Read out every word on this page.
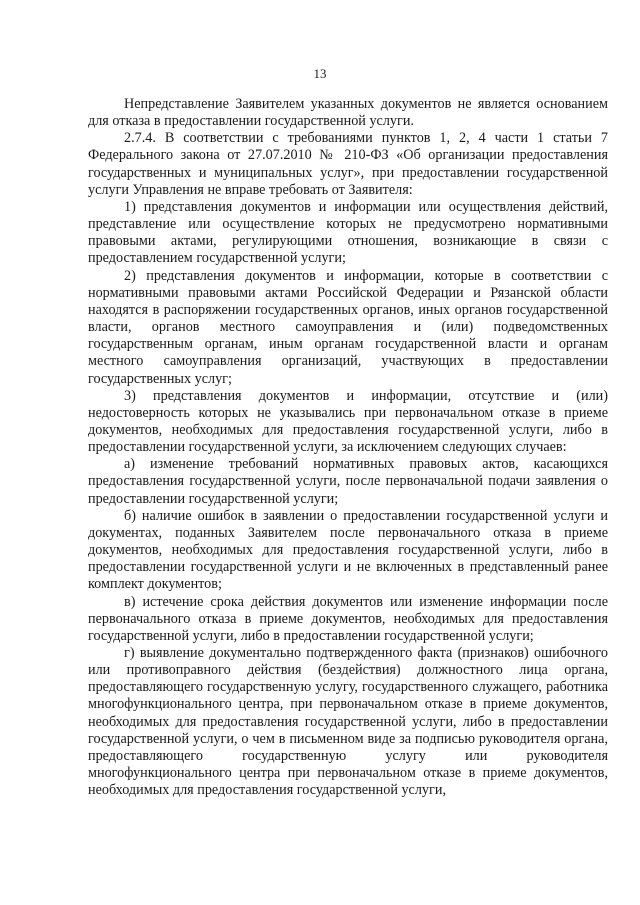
13

Непредставление Заявителем указанных документов не является основанием для отказа в предоставлении государственной услуги.

2.7.4. В соответствии с требованиями пунктов 1, 2, 4 части 1 статьи 7 Федерального закона от 27.07.2010 № 210-ФЗ «Об организации предоставления государственных и муниципальных услуг», при предоставлении государственной услуги Управления не вправе требовать от Заявителя:

1) представления документов и информации или осуществления действий, представление или осуществление которых не предусмотрено нормативными правовыми актами, регулирующими отношения, возникающие в связи с предоставлением государственной услуги;

2) представления документов и информации, которые в соответствии с нормативными правовыми актами Российской Федерации и Рязанской области находятся в распоряжении государственных органов, иных органов государственной власти, органов местного самоуправления и (или) подведомственных государственным органам, иным органам государственной власти и органам местного самоуправления организаций, участвующих в предоставлении государственных услуг;

3) представления документов и информации, отсутствие и (или) недостоверность которых не указывались при первоначальном отказе в приеме документов, необходимых для предоставления государственной услуги, либо в предоставлении государственной услуги, за исключением следующих случаев:

а) изменение требований нормативных правовых актов, касающихся предоставления государственной услуги, после первоначальной подачи заявления о предоставлении государственной услуги;

б) наличие ошибок в заявлении о предоставлении государственной услуги и документах, поданных Заявителем после первоначального отказа в приеме документов, необходимых для предоставления государственной услуги, либо в предоставлении государственной услуги и не включенных в представленный ранее комплект документов;

в) истечение срока действия документов или изменение информации после первоначального отказа в приеме документов, необходимых для предоставления государственной услуги, либо в предоставлении государственной услуги;

г) выявление документально подтвержденного факта (признаков) ошибочного или противоправного действия (бездействия) должностного лица органа, предоставляющего государственную услугу, государственного служащего, работника многофункционального центра, при первоначальном отказе в приеме документов, необходимых для предоставления государственной услуги, либо в предоставлении государственной услуги, о чем в письменном виде за подписью руководителя органа, предоставляющего государственную услугу или руководителя многофункционального центра при первоначальном отказе в приеме документов, необходимых для предоставления государственной услуги,
